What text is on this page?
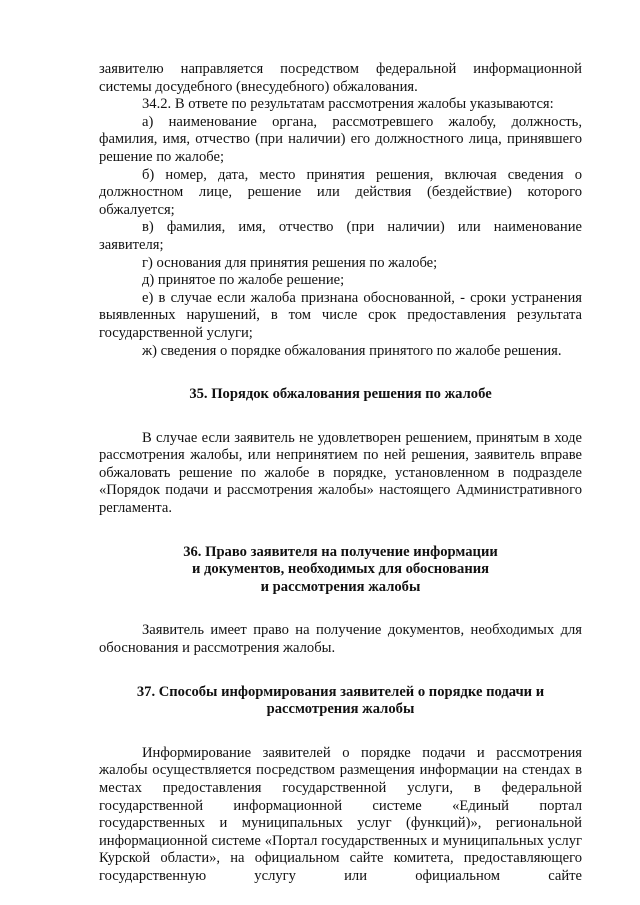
заявителю направляется посредством федеральной информационной системы досудебного (внесудебного) обжалования.

34.2. В ответе по результатам рассмотрения жалобы указываются:

а) наименование органа, рассмотревшего жалобу, должность, фамилия, имя, отчество (при наличии) его должностного лица, принявшего решение по жалобе;

б) номер, дата, место принятия решения, включая сведения о должностном лице, решение или действия (бездействие) которого обжалуется;

в) фамилия, имя, отчество (при наличии) или наименование заявителя;

г) основания для принятия решения по жалобе;

д) принятое по жалобе решение;

е) в случае если жалоба признана обоснованной, - сроки устранения выявленных нарушений, в том числе срок предоставления результата государственной услуги;

ж) сведения о порядке обжалования принятого по жалобе решения.

35. Порядок обжалования решения по жалобе

В случае если заявитель не удовлетворен решением, принятым в ходе рассмотрения жалобы, или непринятием по ней решения, заявитель вправе обжаловать решение по жалобе в порядке, установленном в подразделе «Порядок подачи и рассмотрения жалобы» настоящего Административного регламента.

36. Право заявителя на получение информации
и документов, необходимых для обоснования
и рассмотрения жалобы

Заявитель имеет право на получение документов, необходимых для обоснования и рассмотрения жалобы.

37. Способы информирования заявителей о порядке подачи и
рассмотрения жалобы

Информирование заявителей о порядке подачи и рассмотрения жалобы осуществляется посредством размещения информации на стендах в местах предоставления государственной услуги, в федеральной государственной информационной системе «Единый портал государственных и муниципальных услуг (функций)», региональной информационной системе «Портал государственных и муниципальных услуг Курской области», на официальном сайте комитета, предоставляющего государственную услугу или официальном сайте
